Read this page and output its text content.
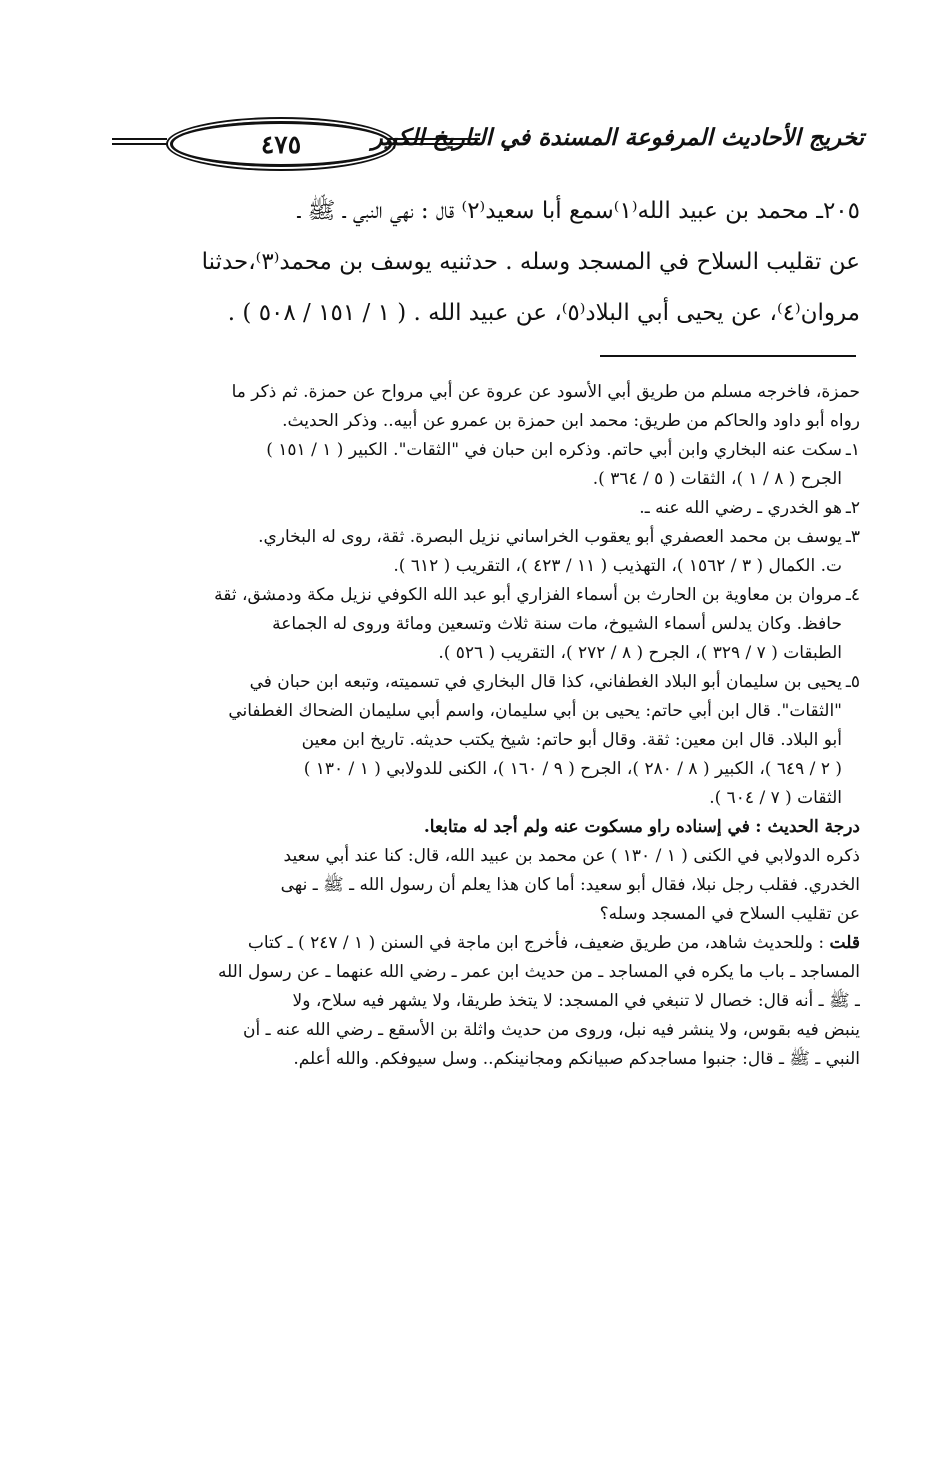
٤٧٥	تخريج الأحاديث المرفوعة المسندة في التاريخ الكبير
٢٠٥ـ محمد بن عبيد الله⁽١⁾سمع أبا سعيد⁽٢⁾ قال : نهي النبي ـ ﷺ ـ
عن تقليب السلاح في المسجد وسله . حدثنيه يوسف بن محمد⁽٣⁾،حدثنا
مروان⁽٤⁾، عن يحيى أبي البلاد⁽٥⁾، عن عبيد الله . ( ١ / ١٥١ / ٥٠٨ ) .
حمزة، فاخرجه مسلم من طريق أبي الأسود عن عروة عن أبي مرواح عن حمزة. ثم ذكر ما
رواه أبو داود والحاكم من طريق: محمد ابن حمزة بن عمرو عن أبيه.. وذكر الحديث.
١ـ
سكت عنه البخاري وابن أبي حاتم. وذكره ابن حبان في "الثقات". الكبير ( ١ / ١٥١ )
الجرح ( ٨ / ١ )، الثقات ( ٥ / ٣٦٤ ).
٢ـ
هو الخدري ـ رضي الله عنه ـ.
٣ـ
يوسف بن محمد العصفري أبو يعقوب الخراساني نزيل البصرة. ثقة، روى له البخاري.
ت. الكمال ( ٣ / ١٥٦٢ )، التهذيب ( ١١ / ٤٢٣ )، التقريب ( ٦١٢ ).
٤ـ
مروان بن معاوية بن الحارث بن أسماء الفزاري أبو عبد الله الكوفي نزيل مكة ودمشق، ثقة
حافظ. وكان يدلس أسماء الشيوخ، مات سنة ثلاث وتسعين ومائة وروى له الجماعة
الطبقات ( ٧ / ٣٢٩ )، الجرح ( ٨ / ٢٧٢ )، التقريب ( ٥٢٦ ).
٥ـ
يحيى بن سليمان أبو البلاد الغطفاني، كذا قال البخاري في تسميته، وتبعه ابن حبان في
"الثقات". قال ابن أبي حاتم: يحيى بن أبي سليمان، واسم أبي سليمان الضحاك الغطفاني
أبو البلاد. قال ابن معين: ثقة. وقال أبو حاتم: شيخ يكتب حديثه. تاريخ ابن معين
( ٢ / ٦٤٩ )، الكبير ( ٨ / ٢٨٠ )، الجرح ( ٩ / ١٦٠ )، الكنى للدولابي ( ١ / ١٣٠ )
الثقات ( ٧ / ٦٠٤ ).
درجة الحديث : في إسناده راو مسكوت عنه ولم أجد له متابعا.
ذكره الدولابي في الكنى ( ١ / ١٣٠ ) عن محمد بن عبيد الله، قال: كنا عند أبي سعيد
الخدري. فقلب رجل نبلا، فقال أبو سعيد: أما كان هذا يعلم أن رسول الله ـ ﷺ ـ نهى
عن تقليب السلاح في المسجد وسله؟
قلت : وللحديث شاهد، من طريق ضعيف، فأخرج ابن ماجة في السنن ( ١ / ٢٤٧ ) ـ كتاب
المساجد ـ باب ما يكره في المساجد ـ من حديث ابن عمر ـ رضي الله عنهما ـ عن رسول الله
ـ ﷺ ـ أنه قال: خصال لا تنبغي في المسجد: لا يتخذ طريقا، ولا يشهر فيه سلاح، ولا
ينبض فيه بقوس، ولا ينشر فيه نبل، وروى من حديث واثلة بن الأسقع ـ رضي الله عنه ـ أن
النبي ـ ﷺ ـ قال: جنبوا مساجدكم صبيانكم ومجانينكم.. وسل سيوفكم. والله أعلم.
